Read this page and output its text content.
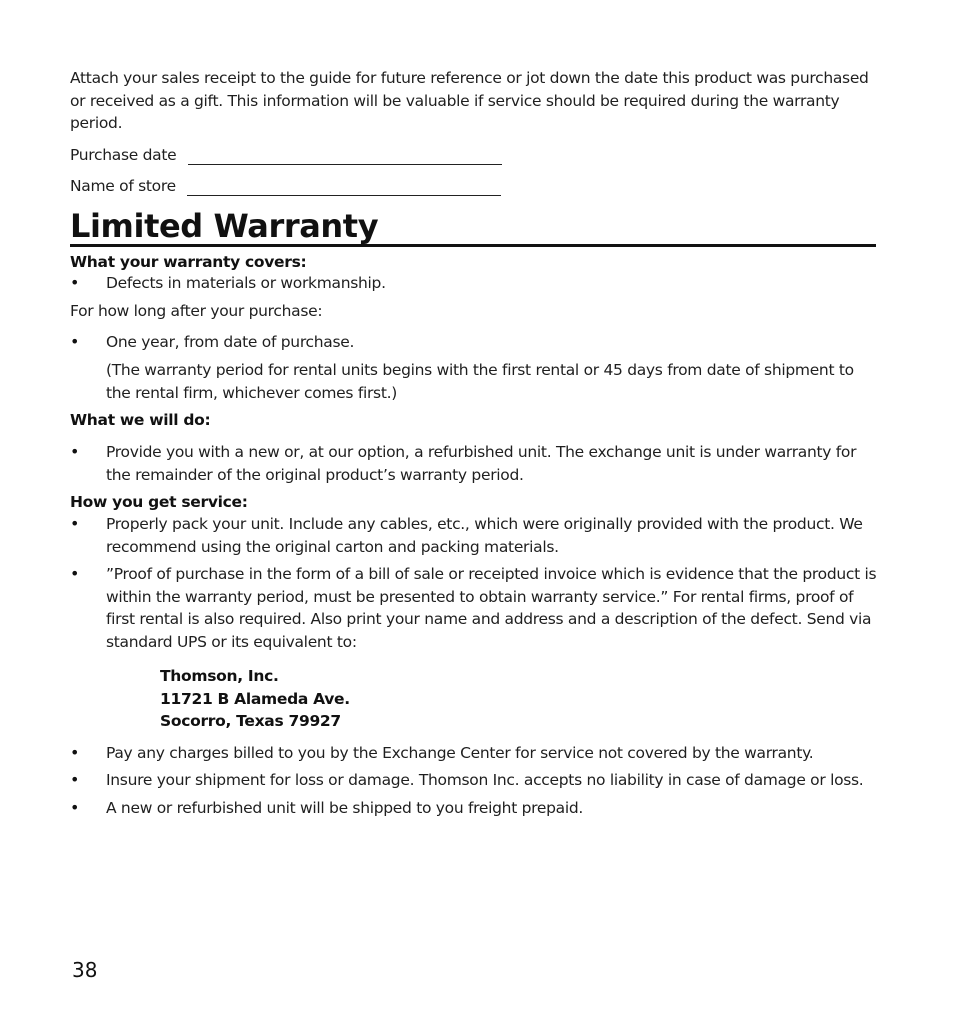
Attach your sales receipt to the guide for future reference or jot down the date this product was purchased or received as a gift. This information will be valuable if service should be required during the warranty period.

Purchase date
Name of store
Limited Warranty
What your warranty covers:
• Defects in materials or workmanship.

For how long after your purchase:

• One year, from date of purchase.

(The warranty period for rental units begins with the first rental or 45 days from date of shipment to the rental firm, whichever comes first.)

What we will do:
• Provide you with a new or, at our option, a refurbished unit. The exchange unit is under warranty for the remainder of the original product’s warranty period.

How you get service:
• Properly pack your unit. Include any cables, etc., which were originally provided with the product. We recommend using the original carton and packing materials.

• ”Proof of purchase in the form of a bill of sale or receipted invoice which is evidence that the product is within the warranty period, must be presented to obtain warranty service.” For rental firms, proof of first rental is also required. Also print your name and address and a description of the defect. Send via standard UPS or its equivalent to:

Thomson, Inc.
11721 B Alameda Ave.
Socorro, Texas 79927
• Pay any charges billed to you by the Exchange Center for service not covered by the warranty.

• Insure your shipment for loss or damage. Thomson Inc. accepts no liability in case of damage or loss.

• A new or refurbished unit will be shipped to you freight prepaid.

38
